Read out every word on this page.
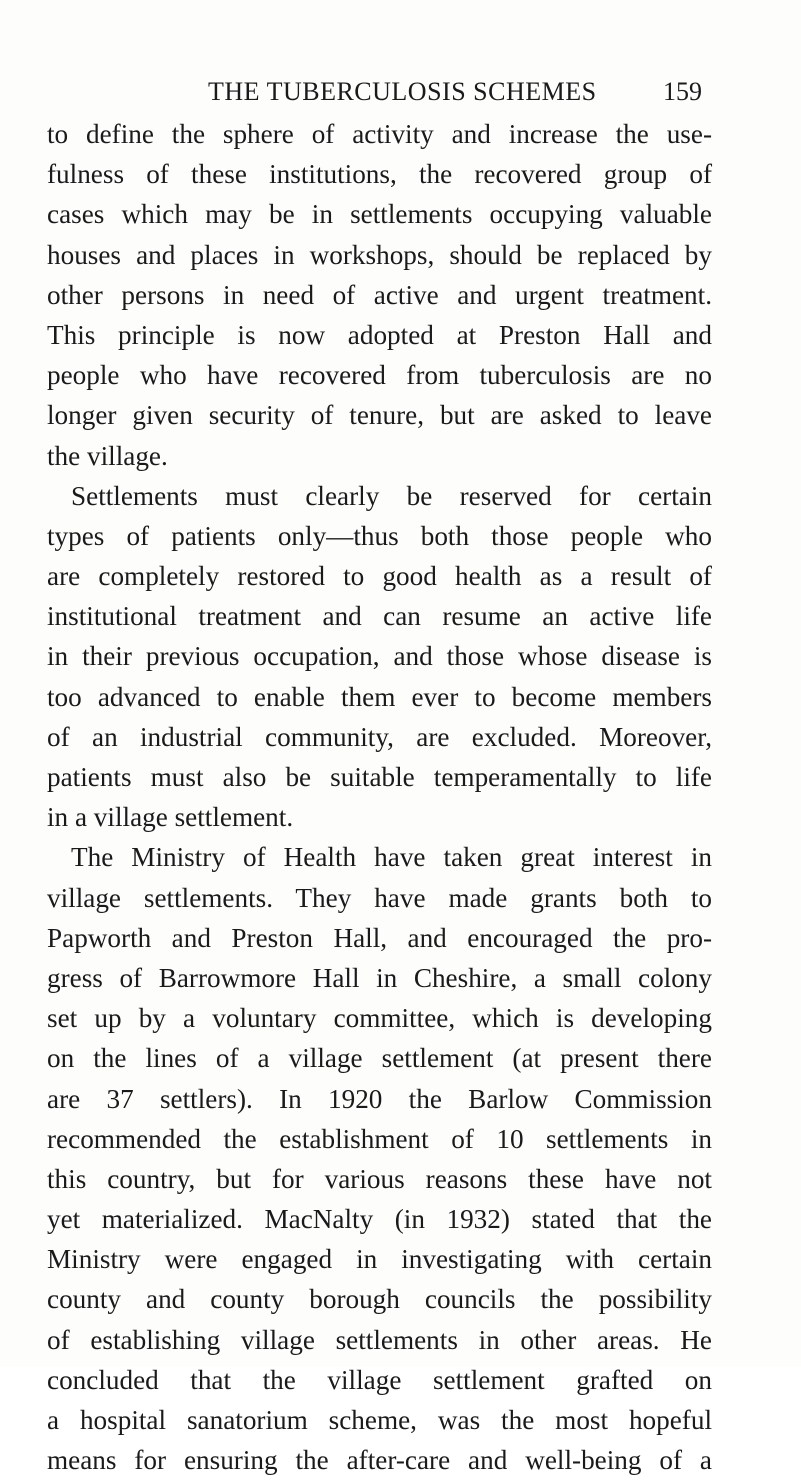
THE TUBERCULOSIS SCHEMES	159
to define the sphere of activity and increase the use-
fulness of these institutions, the recovered group of
cases which may be in settlements occupying valuable
houses and places in workshops, should be replaced by
other persons in need of active and urgent treatment.
This principle is now adopted at Preston Hall and
people who have recovered from tuberculosis are no
longer given security of tenure, but are asked to leave
the village.
Settlements must clearly be reserved for certain
types of patients only—thus both those people who
are completely restored to good health as a result of
institutional treatment and can resume an active life
in their previous occupation, and those whose disease is
too advanced to enable them ever to become members
of an industrial community, are excluded. Moreover,
patients must also be suitable temperamentally to life
in a village settlement.
The Ministry of Health have taken great interest in
village settlements. They have made grants both to
Papworth and Preston Hall, and encouraged the pro-
gress of Barrowmore Hall in Cheshire, a small colony
set up by a voluntary committee, which is developing
on the lines of a village settlement (at present there
are 37 settlers). In 1920 the Barlow Commission
recommended the establishment of 10 settlements in
this country, but for various reasons these have not
yet materialized. MacNalty (in 1932) stated that the
Ministry were engaged in investigating with certain
county and county borough councils the possibility
of establishing village settlements in other areas. He
concluded that the village settlement grafted on
a hospital sanatorium scheme, was the most hopeful
means for ensuring the after-care and well-being of a
